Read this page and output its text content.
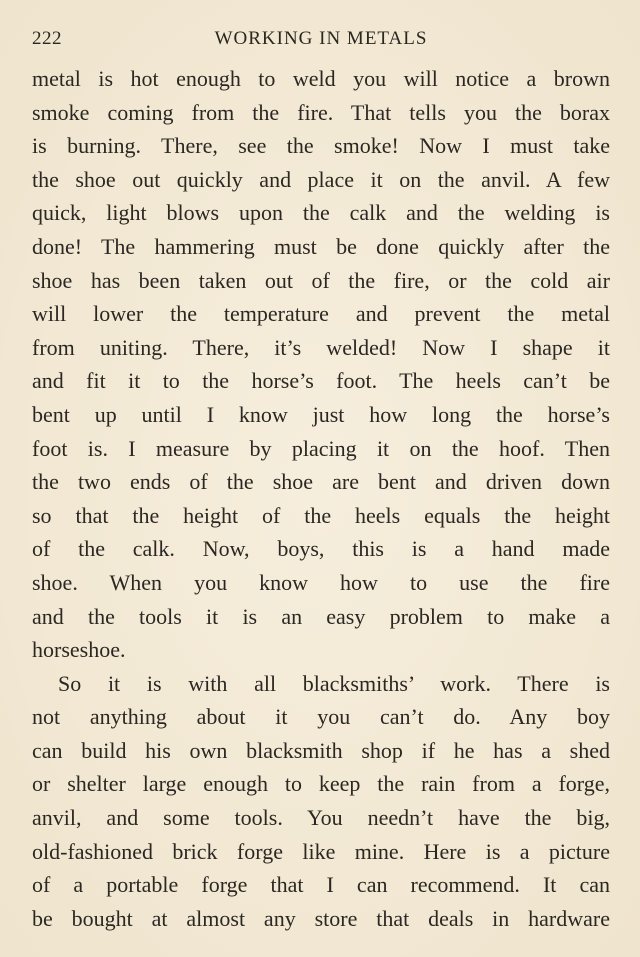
222	WORKING IN METALS
metal is hot enough to weld you will notice a brown
smoke coming from the fire. That tells you the borax
is burning. There, see the smoke! Now I must take
the shoe out quickly and place it on the anvil. A few
quick, light blows upon the calk and the welding is
done! The hammering must be done quickly after the
shoe has been taken out of the fire, or the cold air
will lower the temperature and prevent the metal
from uniting. There, it’s welded! Now I shape it
and fit it to the horse’s foot. The heels can’t be
bent up until I know just how long the horse’s
foot is. I measure by placing it on the hoof. Then
the two ends of the shoe are bent and driven down
so that the height of the heels equals the height
of the calk. Now, boys, this is a hand made
shoe. When you know how to use the fire
and the tools it is an easy problem to make a
horseshoe.
So it is with all blacksmiths’ work. There is
not anything about it you can’t do. Any boy
can build his own blacksmith shop if he has a shed
or shelter large enough to keep the rain from a forge,
anvil, and some tools. You needn’t have the big,
old-fashioned brick forge like mine. Here is a picture
of a portable forge that I can recommend. It can
be bought at almost any store that deals in hardware
